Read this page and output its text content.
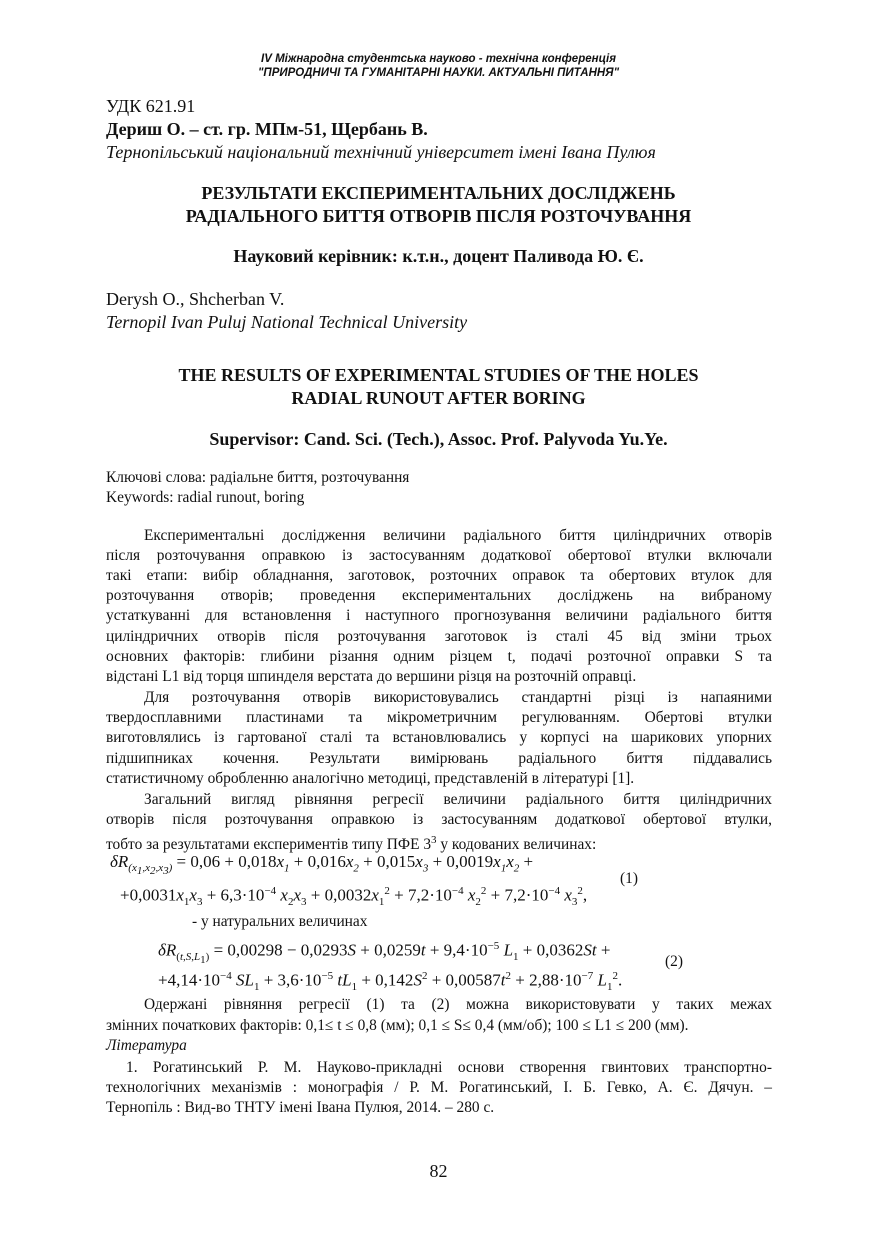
IV Міжнародна студентська науково - технічна конференція
"ПРИРОДНИЧІ ТА ГУМАНІТАРНІ НАУКИ. АКТУАЛЬНІ ПИТАННЯ"
УДК 621.91
Дериш О. – ст. гр. МПм-51, Щербань В.
Тернопільський національний технічний університет імені Івана Пулюя
РЕЗУЛЬТАТИ ЕКСПЕРИМЕНТАЛЬНИХ ДОСЛІДЖЕНЬ
РАДІАЛЬНОГО БИТТЯ ОТВОРІВ ПІСЛЯ РОЗТОЧУВАННЯ
Науковий керівник: к.т.н., доцент Паливода Ю. Є.
Derysh O., Shcherban V.
Ternopil Ivan Puluj National Technical University
THE RESULTS OF EXPERIMENTAL STUDIES OF THE HOLES
RADIAL RUNOUT AFTER BORING
Supervisor: Cand. Sci. (Tech.), Assoc. Prof. Palyvoda Yu.Ye.
Ключові слова: радіальне биття, розточування
Keywords: radial runout, boring
Експериментальні дослідження величини радіального биття циліндричних отворів
після розточування оправкою із застосуванням додаткової обертової втулки включали
такі етапи: вибір обладнання, заготовок, розточних оправок та обертових втулок для
розточування отворів; проведення експериментальних досліджень на вибраному
устаткуванні для встановлення і наступного прогнозування величини радіального биття
циліндричних отворів після розточування заготовок із сталі 45 від зміни трьох
основних факторів: глибини різання одним різцем t, подачі розточної оправки S та
відстані L1 від торця шпинделя верстата до вершини різця на розточній оправці.
Для розточування отворів використовувались стандартні різці із напаяними
твердосплавними пластинами та мікрометричним регулюванням. Обертові втулки
виготовлялись із гартованої сталі та встановлювались у корпусі на шарикових упорних
підшипниках кочення. Результати вимірювань радіального биття піддавались
статистичному обробленню аналогічно методиці, представленій в літературі [1].
Загальний вигляд рівняння регресії величини радіального биття циліндричних
отворів після розточування оправкою із застосуванням додаткової обертової втулки,
тобто за результатами експериментів типу ПФЕ $3^3$ у кодованих величинах:
$\delta R_{(x_1,x_2,x_3)} = 0,06 + 0,018x_1 + 0,016x_2 + 0,015x_3 + 0,0019x_1x_2$ +
$+0,0031x_1x_3 + 6,3\cdot 10^{-4}$ $x_2x_3 + 0,0032x_1^2 + 7,2\cdot 10^{-4}$ $x_2^2 + 7,2\cdot 10^{-4}$ $x_3^2$,
(1)
- у натуральних величинах
$\delta R_{(t,S,L_1)} = 0,00298 - 0,0293S + 0,0259t + 9,4\cdot 10^{-5}$ $L_1 + 0,0362St$ +
$+4,14\cdot 10^{-4}$ $SL_1 + 3,6\cdot 10^{-5}$ $tL_1 + 0,142S^2 + 0,00587t^2 + 2,88\cdot 10^{-7}$ $L_1^2$.
(2)
Одержані рівняння регресії (1) та (2) можна використовувати у таких межах
змінних початкових факторів: 0,1≤ t ≤ 0,8 (мм); 0,1 ≤ S≤ 0,4 (мм/об); 100 ≤ L1 ≤ 200 (мм).
Література
1. Рогатинський Р. М. Науково-прикладні основи створення гвинтових транспортно-
технологічних механізмів : монографія / Р. М. Рогатинський, І. Б. Гевко, А. Є. Дячун. –
Тернопіль : Вид-во ТНТУ імені Івана Пулюя, 2014. – 280 с.
82
